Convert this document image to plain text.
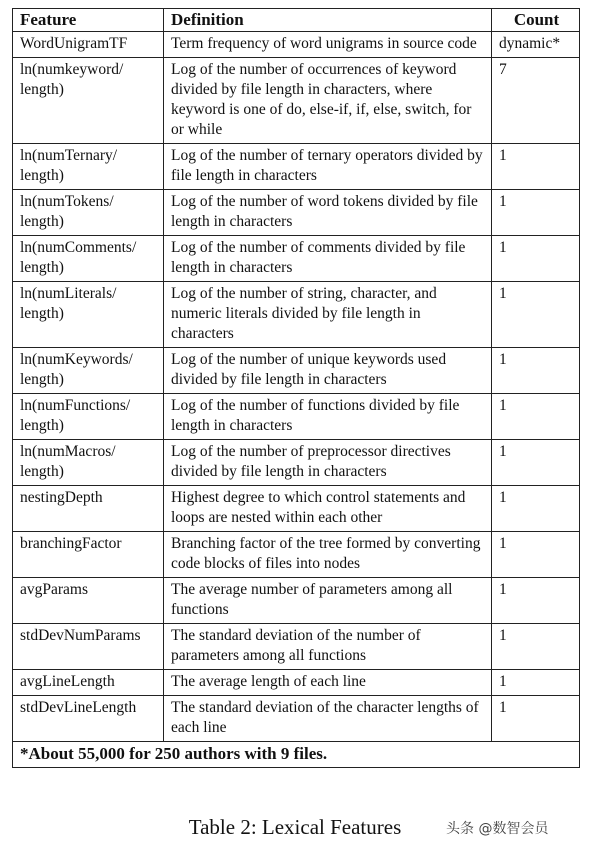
Feature	Definition	Count
WordUnigramTF	Term frequency of word unigrams in source code	dynamic*
ln(numkeyword/ length)	Log of the number of occurrences of keyword divided by file length in characters, where keyword is one of do, else-if, if, else, switch, for or while	7
ln(numTernary/ length)	Log of the number of ternary operators divided by file length in characters	1
ln(numTokens/ length)	Log of the number of word tokens divided by file length in characters	1
ln(numComments/ length)	Log of the number of comments divided by file length in characters	1
ln(numLiterals/ length)	Log of the number of string, character, and numeric literals divided by file length in characters	1
ln(numKeywords/ length)	Log of the number of unique keywords used divided by file length in characters	1
ln(numFunctions/ length)	Log of the number of functions divided by file length in characters	1
ln(numMacros/ length)	Log of the number of preprocessor directives divided by file length in characters	1
nestingDepth	Highest degree to which control statements and loops are nested within each other	1
branchingFactor	Branching factor of the tree formed by converting code blocks of files into nodes	1
avgParams	The average number of parameters among all functions	1
stdDevNumParams	The standard deviation of the number of parameters among all functions	1
avgLineLength	The average length of each line	1
stdDevLineLength	The standard deviation of the character lengths of each line	1
*About 55,000 for 250 authors with 9 files.		
Table 2: Lexical Features	头条 @数智会员
